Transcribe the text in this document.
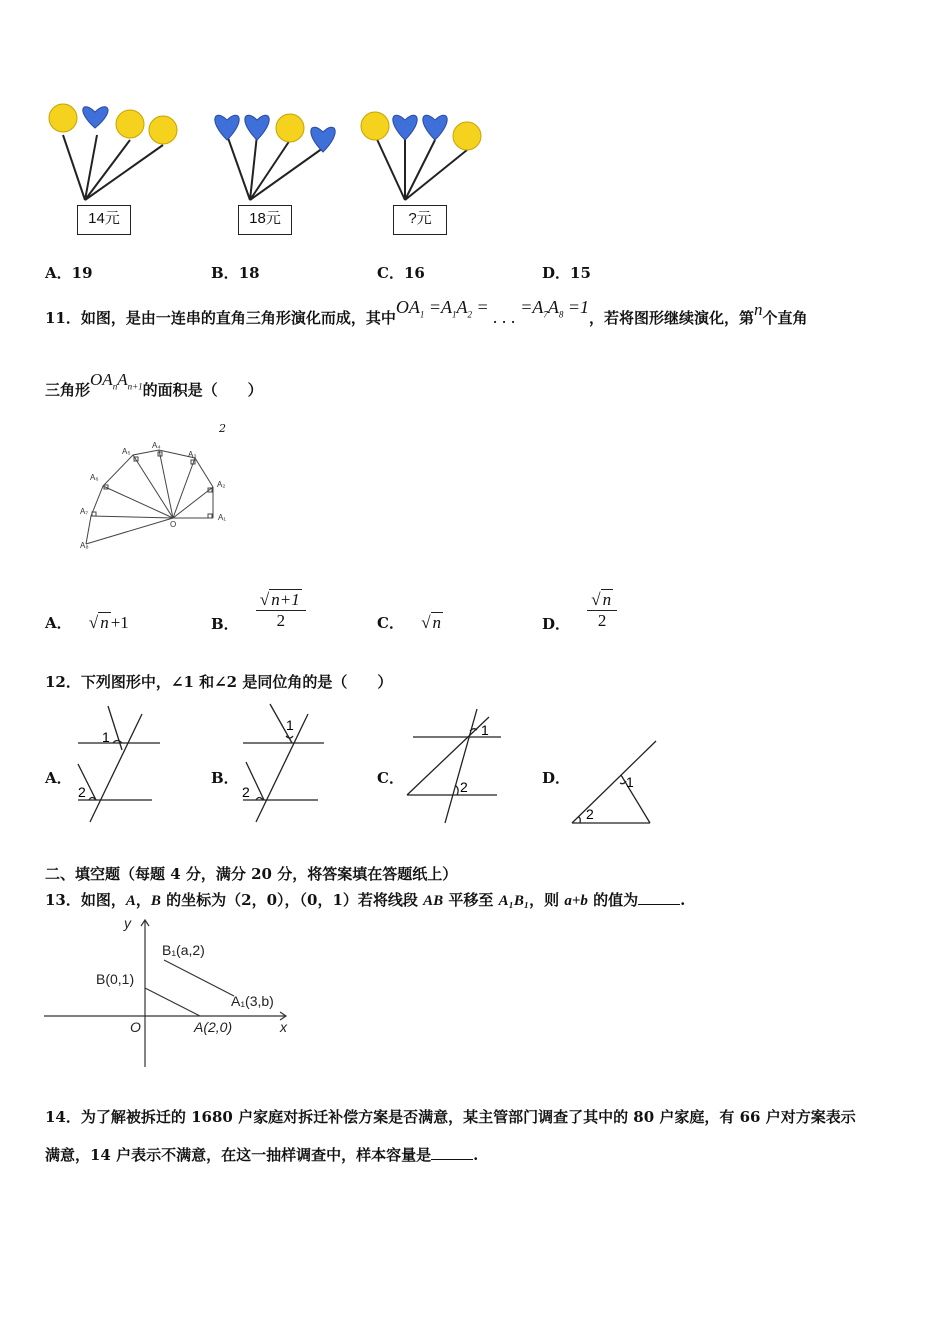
14元	18元	?元
A．19	B．18	C．16	D．15
11．如图，是由一连串的直角三角形演化而成，其中$OA_1 =A_1A_2$ = . . . $=A_7A_8 =1$，若将图形继续演化，第n个直角
三角形$OA_nA_{n+1}$的面积是（　　）
2
A₁
A₂
A₃
A₄
A₅
A₆
A₇
A₈
O
A． √ n +1	B． $\frac{√ n+1}{2}$	C． √ n	D． $\frac{√ n}{2}$
12．下列图形中，∠1 和∠2 是同位角的是（　　）
A．
1
2
B．
1
2
C．
1
2	D．	1
2
二、填空题（每题 4 分，满分 20 分，将答案填在答题纸上）
13．如图，A，B 的坐标为（2，0），（0，1）若将线段 AB 平移至 A₁B₁，则 a+b 的值为	.
y
x
O
B(0,1)
A(2,0)
B₁(a,2)
A₁(3,b)
14．为了解被拆迁的 1680 户家庭对拆迁补偿方案是否满意，某主管部门调查了其中的 80 户家庭，有 66 户对方案表示
满意，14 户表示不满意，在这一抽样调查中，样本容量是	.
